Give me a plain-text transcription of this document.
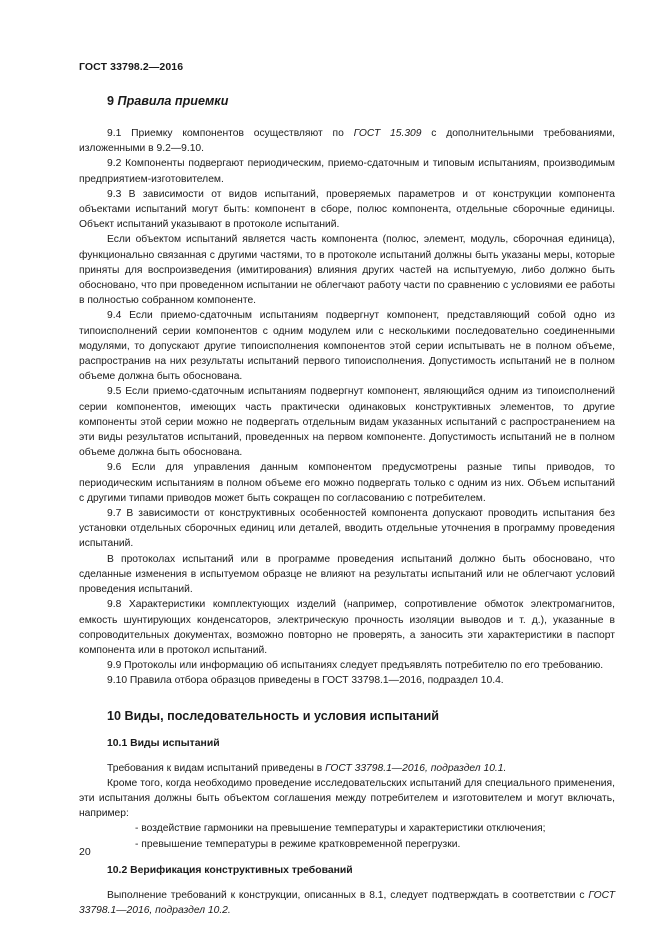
ГОСТ 33798.2—2016
9 Правила приемки

9.1 Приемку компонентов осуществляют по ГОСТ 15.309 с дополнительными требованиями, изложенными в 9.2—9.10.

9.2 Компоненты подвергают периодическим, приемо-сдаточным и типовым испытаниям, производимым предприятием-изготовителем.

9.3 В зависимости от видов испытаний, проверяемых параметров и от конструкции компонента объектами испытаний могут быть: компонент в сборе, полюс компонента, отдельные сборочные единицы. Объект испытаний указывают в протоколе испытаний.

Если объектом испытаний является часть компонента (полюс, элемент, модуль, сборочная единица), функционально связанная с другими частями, то в протоколе испытаний должны быть указаны меры, которые приняты для воспроизведения (имитирования) влияния других частей на испытуемую, либо должно быть обосновано, что при проведенном испытании не облегчают работу части по сравнению с условиями ее работы в полностью собранном компоненте.

9.4 Если приемо-сдаточным испытаниям подвергнут компонент, представляющий собой одно из типоисполнений серии компонентов с одним модулем или с несколькими последовательно соединенными модулями, то допускают другие типоисполнения компонентов этой серии испытывать не в полном объеме, распространив на них результаты испытаний первого типоисполнения. Допустимость испытаний не в полном объеме должна быть обоснована.

9.5 Если приемо-сдаточным испытаниям подвергнут компонент, являющийся одним из типоисполнений серии компонентов, имеющих часть практически одинаковых конструктивных элементов, то другие компоненты этой серии можно не подвергать отдельным видам указанных испытаний с распространением на эти виды результатов испытаний, проведенных на первом компоненте. Допустимость испытаний не в полном объеме должна быть обоснована.

9.6 Если для управления данным компонентом предусмотрены разные типы приводов, то периодическим испытаниям в полном объеме его можно подвергать только с одним из них. Объем испытаний с другими типами приводов может быть сокращен по согласованию с потребителем.

9.7 В зависимости от конструктивных особенностей компонента допускают проводить испытания без установки отдельных сборочных единиц или деталей, вводить отдельные уточнения в программу проведения испытаний.

В протоколах испытаний или в программе проведения испытаний должно быть обосновано, что сделанные изменения в испытуемом образце не влияют на результаты испытаний или не облегчают условий проведения испытаний.

9.8 Характеристики комплектующих изделий (например, сопротивление обмоток электромагнитов, емкость шунтирующих конденсаторов, электрическую прочность изоляции выводов и т. д.), указанные в сопроводительных документах, возможно повторно не проверять, а заносить эти характеристики в паспорт компонента или в протокол испытаний.

9.9 Протоколы или информацию об испытаниях следует предъявлять потребителю по его требованию.

9.10 Правила отбора образцов приведены в ГОСТ 33798.1—2016, подраздел 10.4.

10 Виды, последовательность и условия испытаний
10.1 Виды испытаний

Требования к видам испытаний приведены в ГОСТ 33798.1—2016, подраздел 10.1.

Кроме того, когда необходимо проведение исследовательских испытаний для специального применения, эти испытания должны быть объектом соглашения между потребителем и изготовителем и могут включать, например:

- воздействие гармоники на превышение температуры и характеристики отключения;

- превышение температуры в режиме кратковременной перегрузки.

10.2 Верификация конструктивных требований

Выполнение требований к конструкции, описанных в 8.1, следует подтверждать в соответствии с ГОСТ 33798.1—2016, подраздел 10.2.

20
